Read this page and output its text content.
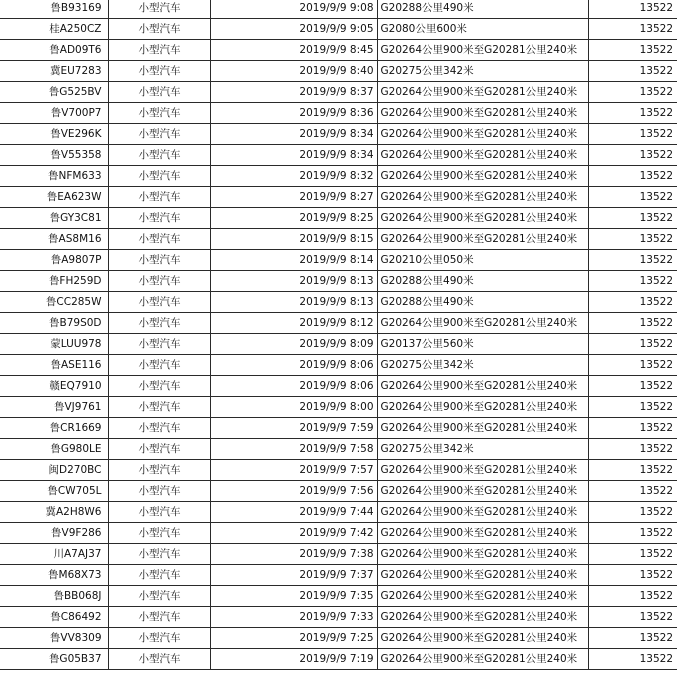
鲁B93169	小型汽车	2019/9/9 9:08	G20288公里490米	13522
桂A250CZ	小型汽车	2019/9/9 9:05	G2080公里600米	13522
鲁AD09T6	小型汽车	2019/9/9 8:45	G20264公里900米至G20281公里240米	13522
冀EU7283	小型汽车	2019/9/9 8:40	G20275公里342米	13522
鲁G525BV	小型汽车	2019/9/9 8:37	G20264公里900米至G20281公里240米	13522
鲁V700P7	小型汽车	2019/9/9 8:36	G20264公里900米至G20281公里240米	13522
鲁VE296K	小型汽车	2019/9/9 8:34	G20264公里900米至G20281公里240米	13522
鲁V55358	小型汽车	2019/9/9 8:34	G20264公里900米至G20281公里240米	13522
鲁NFM633	小型汽车	2019/9/9 8:32	G20264公里900米至G20281公里240米	13522
鲁EA623W	小型汽车	2019/9/9 8:27	G20264公里900米至G20281公里240米	13522
鲁GY3C81	小型汽车	2019/9/9 8:25	G20264公里900米至G20281公里240米	13522
鲁AS8M16	小型汽车	2019/9/9 8:15	G20264公里900米至G20281公里240米	13522
鲁A9807P	小型汽车	2019/9/9 8:14	G20210公里050米	13522
鲁FH259D	小型汽车	2019/9/9 8:13	G20288公里490米	13522
鲁CC285W	小型汽车	2019/9/9 8:13	G20288公里490米	13522
鲁B79S0D	小型汽车	2019/9/9 8:12	G20264公里900米至G20281公里240米	13522
蒙LUU978	小型汽车	2019/9/9 8:09	G20137公里560米	13522
鲁ASE116	小型汽车	2019/9/9 8:06	G20275公里342米	13522
赣EQ7910	小型汽车	2019/9/9 8:06	G20264公里900米至G20281公里240米	13522
鲁VJ9761	小型汽车	2019/9/9 8:00	G20264公里900米至G20281公里240米	13522
鲁CR1669	小型汽车	2019/9/9 7:59	G20264公里900米至G20281公里240米	13522
鲁G980LE	小型汽车	2019/9/9 7:58	G20275公里342米	13522
闽D270BC	小型汽车	2019/9/9 7:57	G20264公里900米至G20281公里240米	13522
鲁CW705L	小型汽车	2019/9/9 7:56	G20264公里900米至G20281公里240米	13522
冀A2H8W6	小型汽车	2019/9/9 7:44	G20264公里900米至G20281公里240米	13522
鲁V9F286	小型汽车	2019/9/9 7:42	G20264公里900米至G20281公里240米	13522
川A7AJ37	小型汽车	2019/9/9 7:38	G20264公里900米至G20281公里240米	13522
鲁M68X73	小型汽车	2019/9/9 7:37	G20264公里900米至G20281公里240米	13522
鲁BB068J	小型汽车	2019/9/9 7:35	G20264公里900米至G20281公里240米	13522
鲁C86492	小型汽车	2019/9/9 7:33	G20264公里900米至G20281公里240米	13522
鲁VV8309	小型汽车	2019/9/9 7:25	G20264公里900米至G20281公里240米	13522
鲁G05B37	小型汽车	2019/9/9 7:19	G20264公里900米至G20281公里240米	13522
